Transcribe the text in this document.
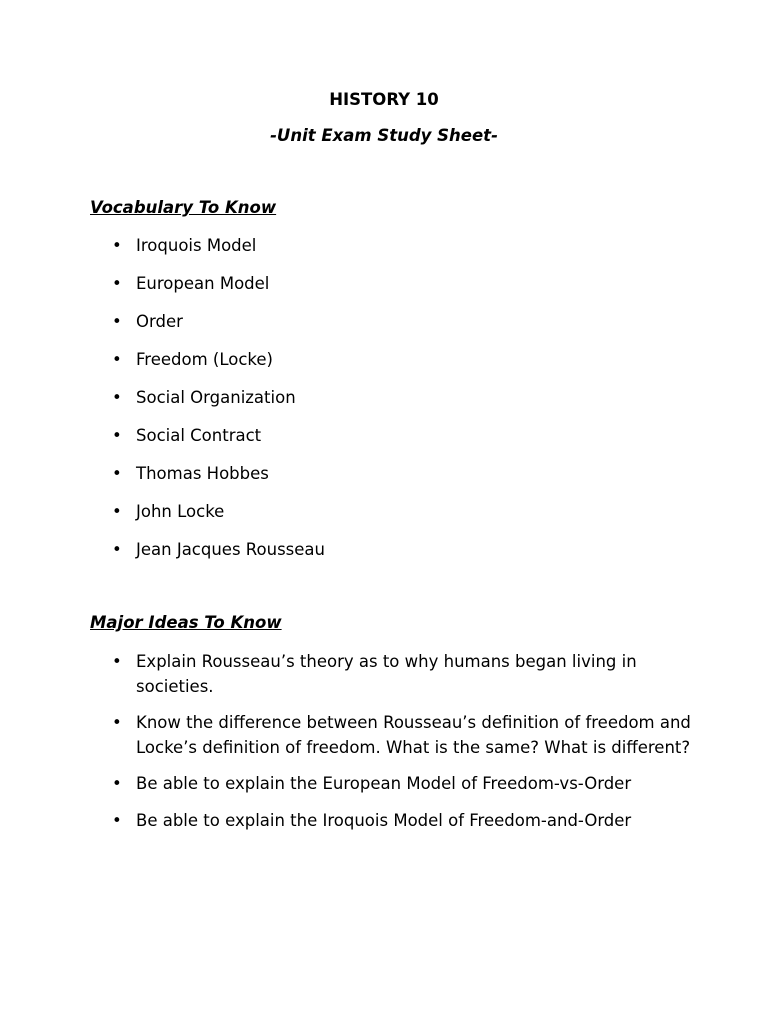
HISTORY 10
-Unit Exam Study Sheet-
Vocabulary To Know
• Iroquois Model
• European Model
• Order
• Freedom (Locke)
• Social Organization
• Social Contract
• Thomas Hobbes
• John Locke
• Jean Jacques Rousseau
Major Ideas To Know
• Explain Rousseau’s theory as to why humans began living in societies.
• Know the difference between Rousseau’s definition of freedom and Locke’s definition of freedom. What is the same? What is different?
• Be able to explain the European Model of Freedom-vs-Order
• Be able to explain the Iroquois Model of Freedom-and-Order
